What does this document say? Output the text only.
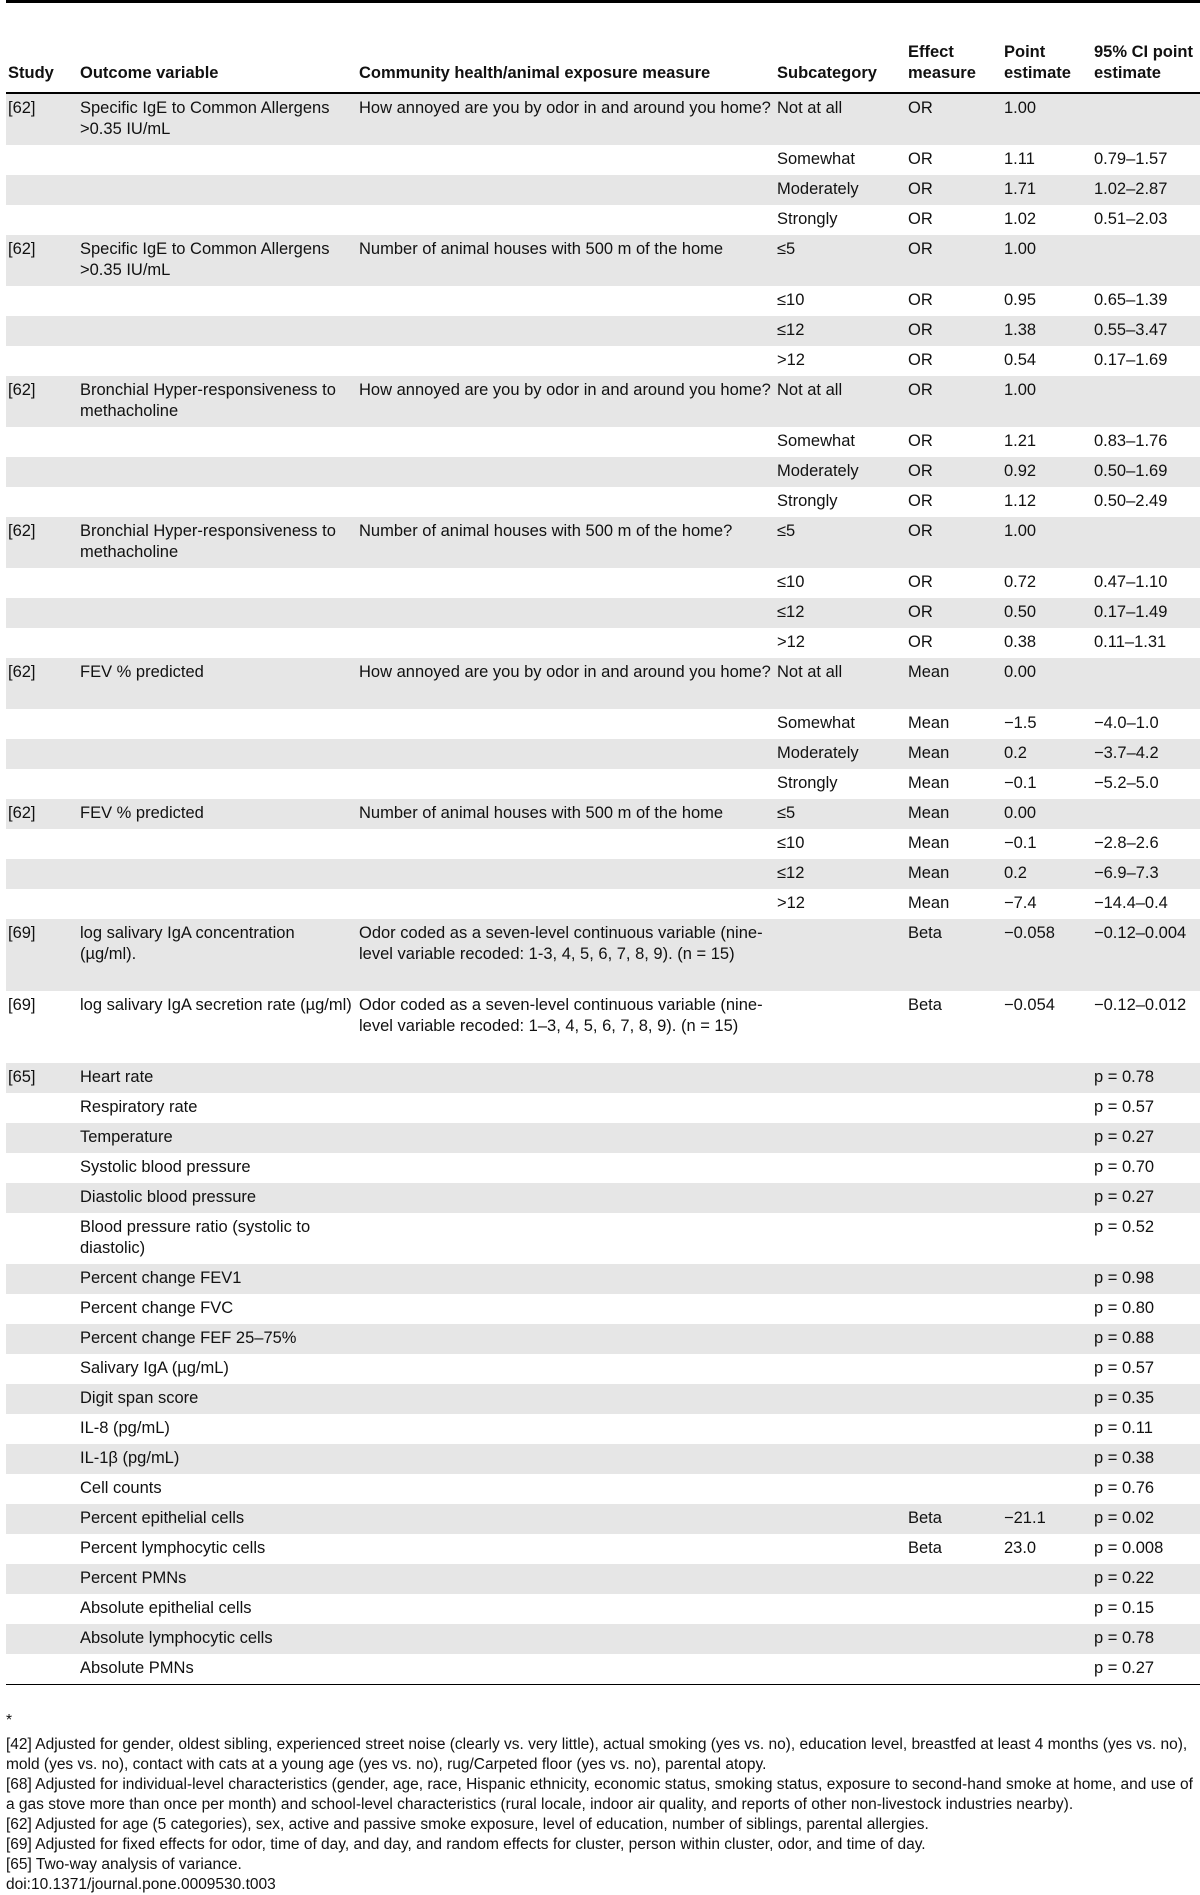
Study	Outcome variable	Community health/animal exposure measure	Subcategory	Effect measure	Point estimate	95% CI point estimate
[62]	Specific IgE to Common Allergens >0.35 IU/mL	How annoyed are you by odor in and around you home?	Not at all	OR	1.00	
			Somewhat	OR	1.11	0.79–1.57
			Moderately	OR	1.71	1.02–2.87
			Strongly	OR	1.02	0.51–2.03
[62]	Specific IgE to Common Allergens >0.35 IU/mL	Number of animal houses with 500 m of the home	≤5	OR	1.00	
			≤10	OR	0.95	0.65–1.39
			≤12	OR	1.38	0.55–3.47
			>12	OR	0.54	0.17–1.69
[62]	Bronchial Hyper-responsiveness to methacholine	How annoyed are you by odor in and around you home?	Not at all	OR	1.00	
			Somewhat	OR	1.21	0.83–1.76
			Moderately	OR	0.92	0.50–1.69
			Strongly	OR	1.12	0.50–2.49
[62]	Bronchial Hyper-responsiveness to methacholine	Number of animal houses with 500 m of the home?	≤5	OR	1.00	
			≤10	OR	0.72	0.47–1.10
			≤12	OR	0.50	0.17–1.49
			>12	OR	0.38	0.11–1.31
[62]	FEV % predicted	How annoyed are you by odor in and around you home?	Not at all	Mean	0.00	
			Somewhat	Mean	−1.5	−4.0–1.0
			Moderately	Mean	0.2	−3.7–4.2
			Strongly	Mean	−0.1	−5.2–5.0
[62]	FEV % predicted	Number of animal houses with 500 m of the home	≤5	Mean	0.00	
			≤10	Mean	−0.1	−2.8–2.6
			≤12	Mean	0.2	−6.9–7.3
			>12	Mean	−7.4	−14.4–0.4
[69]	log salivary IgA concentration (µg/ml).	Odor coded as a seven-level continuous variable (nine-level variable recoded: 1-3, 4, 5, 6, 7, 8, 9). (n = 15)		Beta	−0.058	−0.12–0.004
[69]	log salivary IgA secretion rate (µg/ml)	Odor coded as a seven-level continuous variable (nine-level variable recoded: 1–3, 4, 5, 6, 7, 8, 9). (n = 15)		Beta	−0.054	−0.12–0.012
[65]	Heart rate					p = 0.78
	Respiratory rate					p = 0.57
	Temperature					p = 0.27
	Systolic blood pressure					p = 0.70
	Diastolic blood pressure					p = 0.27
	Blood pressure ratio (systolic to diastolic)					p = 0.52
	Percent change FEV1					p = 0.98
	Percent change FVC					p = 0.80
	Percent change FEF 25–75%					p = 0.88
	Salivary IgA (µg/mL)					p = 0.57
	Digit span score					p = 0.35
	IL-8 (pg/mL)					p = 0.11
	IL-1β (pg/mL)					p = 0.38
	Cell counts					p = 0.76
	Percent epithelial cells			Beta	−21.1	p = 0.02
	Percent lymphocytic cells			Beta	23.0	p = 0.008
	Percent PMNs					p = 0.22
	Absolute epithelial cells					p = 0.15
	Absolute lymphocytic cells					p = 0.78
	Absolute PMNs					p = 0.27
*
[42] Adjusted for gender, oldest sibling, experienced street noise (clearly vs. very little), actual smoking (yes vs. no), education level, breastfed at least 4 months (yes vs. no), mold (yes vs. no), contact with cats at a young age (yes vs. no), rug/Carpeted floor (yes vs. no), parental atopy.
[68] Adjusted for individual-level characteristics (gender, age, race, Hispanic ethnicity, economic status, smoking status, exposure to second-hand smoke at home, and use of a gas stove more than once per month) and school-level characteristics (rural locale, indoor air quality, and reports of other non-livestock industries nearby).
[62] Adjusted for age (5 categories), sex, active and passive smoke exposure, level of education, number of siblings, parental allergies.
[69] Adjusted for fixed effects for odor, time of day, and day, and random effects for cluster, person within cluster, odor, and time of day.
[65] Two-way analysis of variance.
doi:10.1371/journal.pone.0009530.t003
